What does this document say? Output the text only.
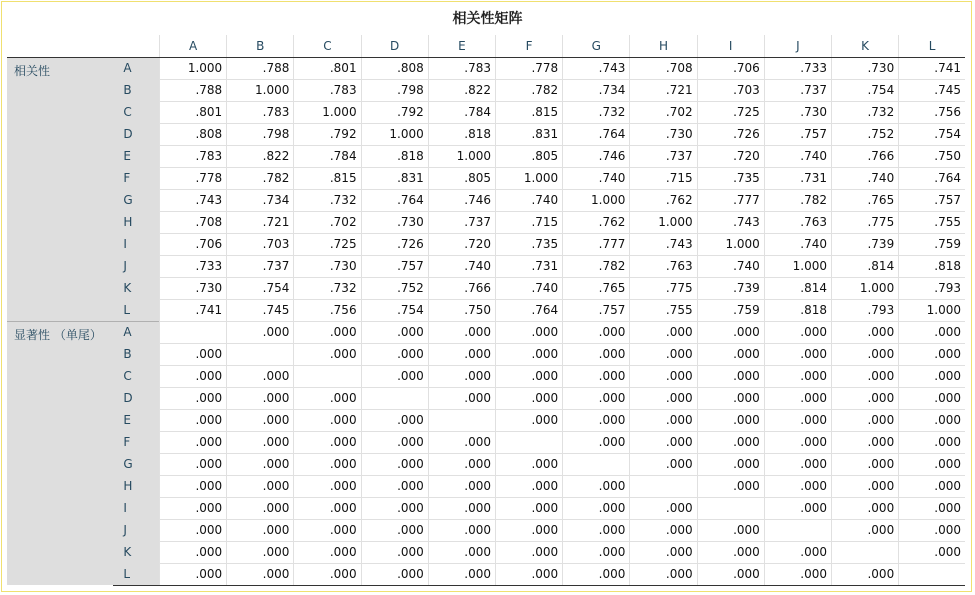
相关性矩阵
		A	B	C	D	E	F	G	H	I	J	K	L
相关性	A	1.000	.788	.801	.808	.783	.778	.743	.708	.706	.733	.730	.741
	B	.788	1.000	.783	.798	.822	.782	.734	.721	.703	.737	.754	.745
	C	.801	.783	1.000	.792	.784	.815	.732	.702	.725	.730	.732	.756
	D	.808	.798	.792	1.000	.818	.831	.764	.730	.726	.757	.752	.754
	E	.783	.822	.784	.818	1.000	.805	.746	.737	.720	.740	.766	.750
	F	.778	.782	.815	.831	.805	1.000	.740	.715	.735	.731	.740	.764
	G	.743	.734	.732	.764	.746	.740	1.000	.762	.777	.782	.765	.757
	H	.708	.721	.702	.730	.737	.715	.762	1.000	.743	.763	.775	.755
	I	.706	.703	.725	.726	.720	.735	.777	.743	1.000	.740	.739	.759
	J	.733	.737	.730	.757	.740	.731	.782	.763	.740	1.000	.814	.818
	K	.730	.754	.732	.752	.766	.740	.765	.775	.739	.814	1.000	.793
	L	.741	.745	.756	.754	.750	.764	.757	.755	.759	.818	.793	1.000
显著性 （单尾）	A		.000	.000	.000	.000	.000	.000	.000	.000	.000	.000	.000
	B	.000		.000	.000	.000	.000	.000	.000	.000	.000	.000	.000
	C	.000	.000		.000	.000	.000	.000	.000	.000	.000	.000	.000
	D	.000	.000	.000		.000	.000	.000	.000	.000	.000	.000	.000
	E	.000	.000	.000	.000		.000	.000	.000	.000	.000	.000	.000
	F	.000	.000	.000	.000	.000		.000	.000	.000	.000	.000	.000
	G	.000	.000	.000	.000	.000	.000		.000	.000	.000	.000	.000
	H	.000	.000	.000	.000	.000	.000	.000		.000	.000	.000	.000
	I	.000	.000	.000	.000	.000	.000	.000	.000		.000	.000	.000
	J	.000	.000	.000	.000	.000	.000	.000	.000	.000		.000	.000
	K	.000	.000	.000	.000	.000	.000	.000	.000	.000	.000		.000
	L	.000	.000	.000	.000	.000	.000	.000	.000	.000	.000	.000	
